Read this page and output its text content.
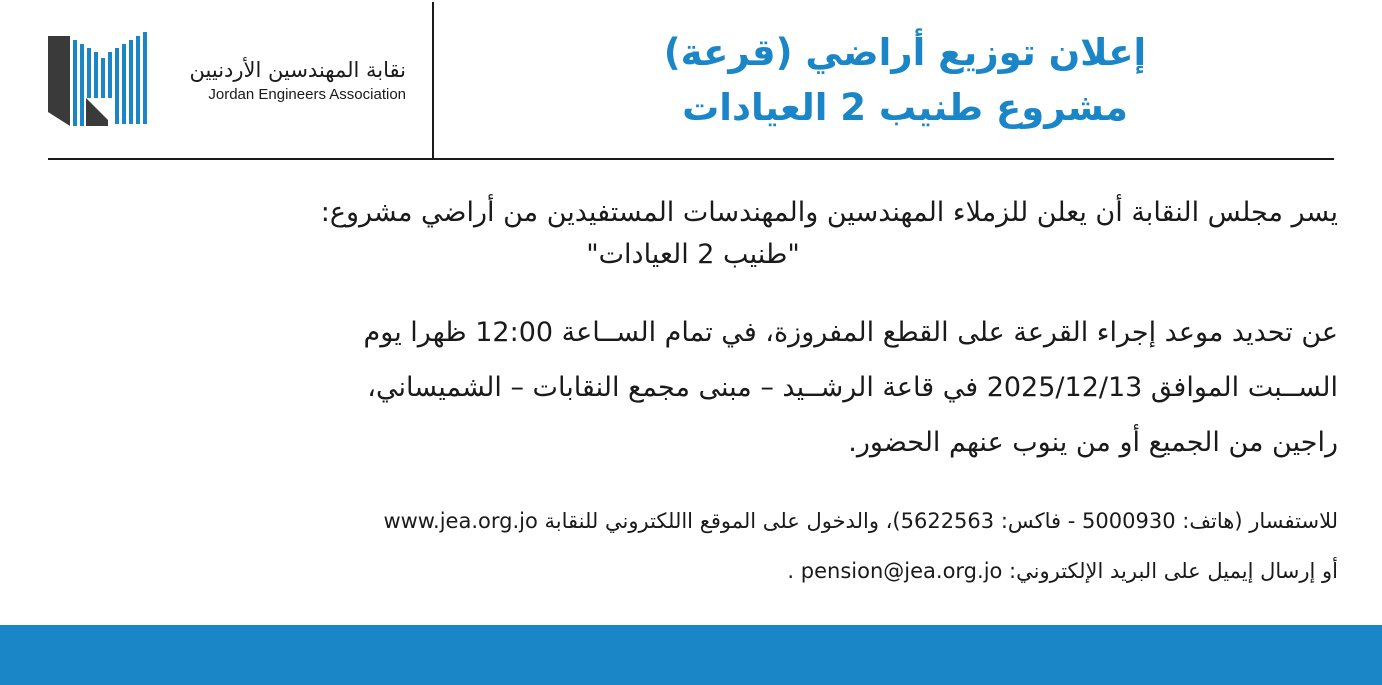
نقابة المهندسين الأردنيين
Jordan Engineers Association
إعلان توزيع أراضي (قرعة)
مشروع طنيب 2 العيادات
يسر مجلس النقابة أن يعلن للزملاء المهندسين والمهندسات المستفيدين من أراضي مشروع:
"طنيب 2 العيادات"
عن تحديد موعد إجراء القرعة على القطع المفروزة، في تمام الســاعة 12:00 ظهرا يوم
الســبت الموافق 2025/12/13 في قاعة الرشــيد – مبنى مجمع النقابات – الشميساني،
راجين من الجميع أو من ينوب عنهم الحضور.
للاستفسار (هاتف: 5000930 - فاكس: 5622563)، والدخول على الموقع االلكتروني للنقابة www.jea.org.jo
أو إرسال إيميل على البريد الإلكتروني: pension@jea.org.jo .
